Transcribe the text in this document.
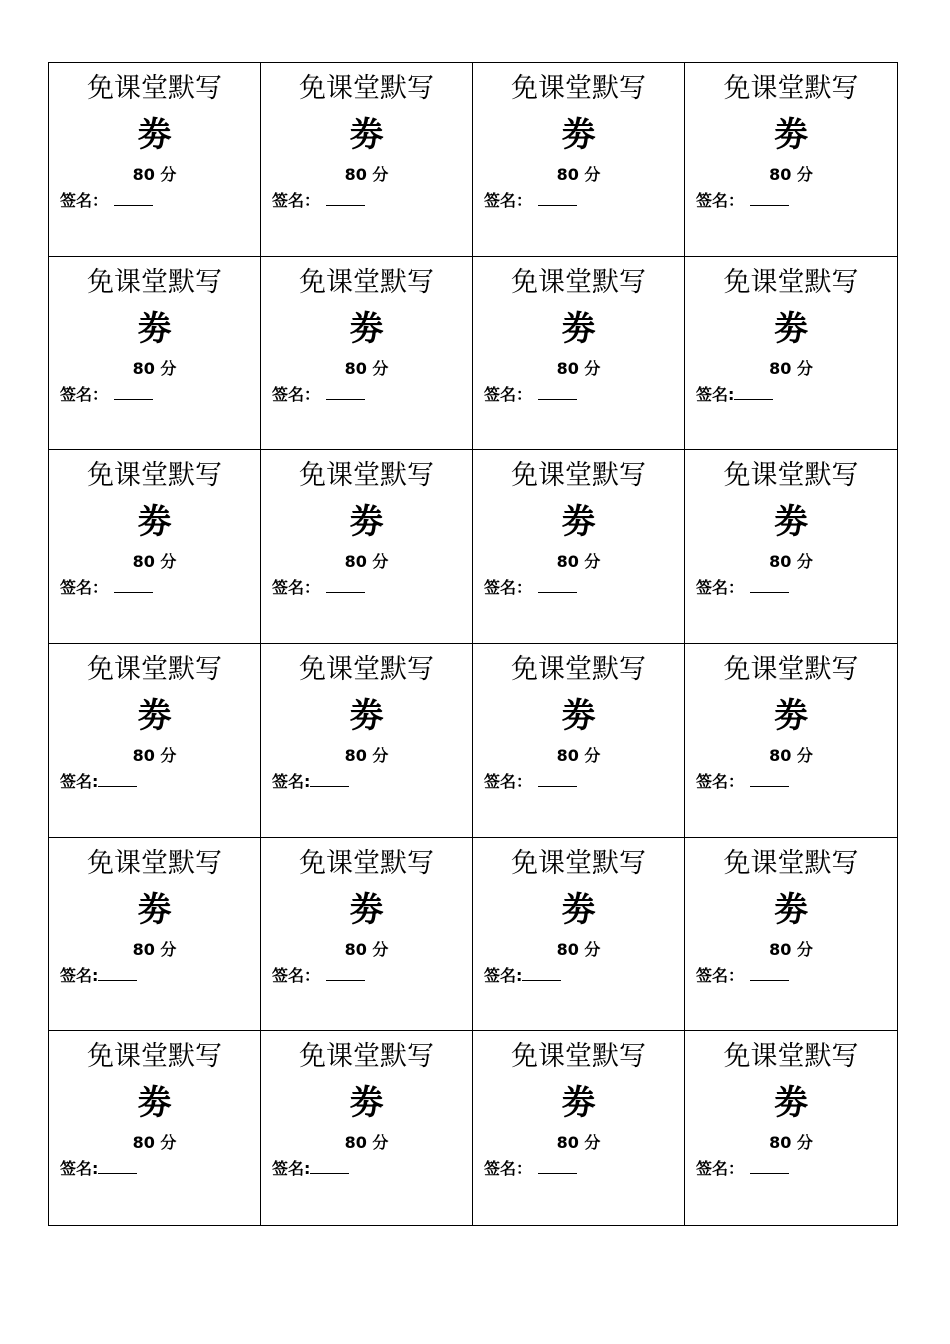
免课堂默写
劵
80 分
签名：
免课堂默写
劵
80 分
签名：
免课堂默写
劵
80 分
签名：
免课堂默写
劵
80 分
签名：
免课堂默写
劵
80 分
签名：
免课堂默写
劵
80 分
签名：
免课堂默写
劵
80 分
签名：
免课堂默写
劵
80 分
签名:
免课堂默写
劵
80 分
签名：
免课堂默写
劵
80 分
签名：
免课堂默写
劵
80 分
签名：
免课堂默写
劵
80 分
签名：
免课堂默写
劵
80 分
签名:
免课堂默写
劵
80 分
签名:
免课堂默写
劵
80 分
签名：
免课堂默写
劵
80 分
签名：
免课堂默写
劵
80 分
签名:
免课堂默写
劵
80 分
签名：
免课堂默写
劵
80 分
签名:
免课堂默写
劵
80 分
签名：
免课堂默写
劵
80 分
签名:
免课堂默写
劵
80 分
签名:
免课堂默写
劵
80 分
签名：
免课堂默写
劵
80 分
签名：
